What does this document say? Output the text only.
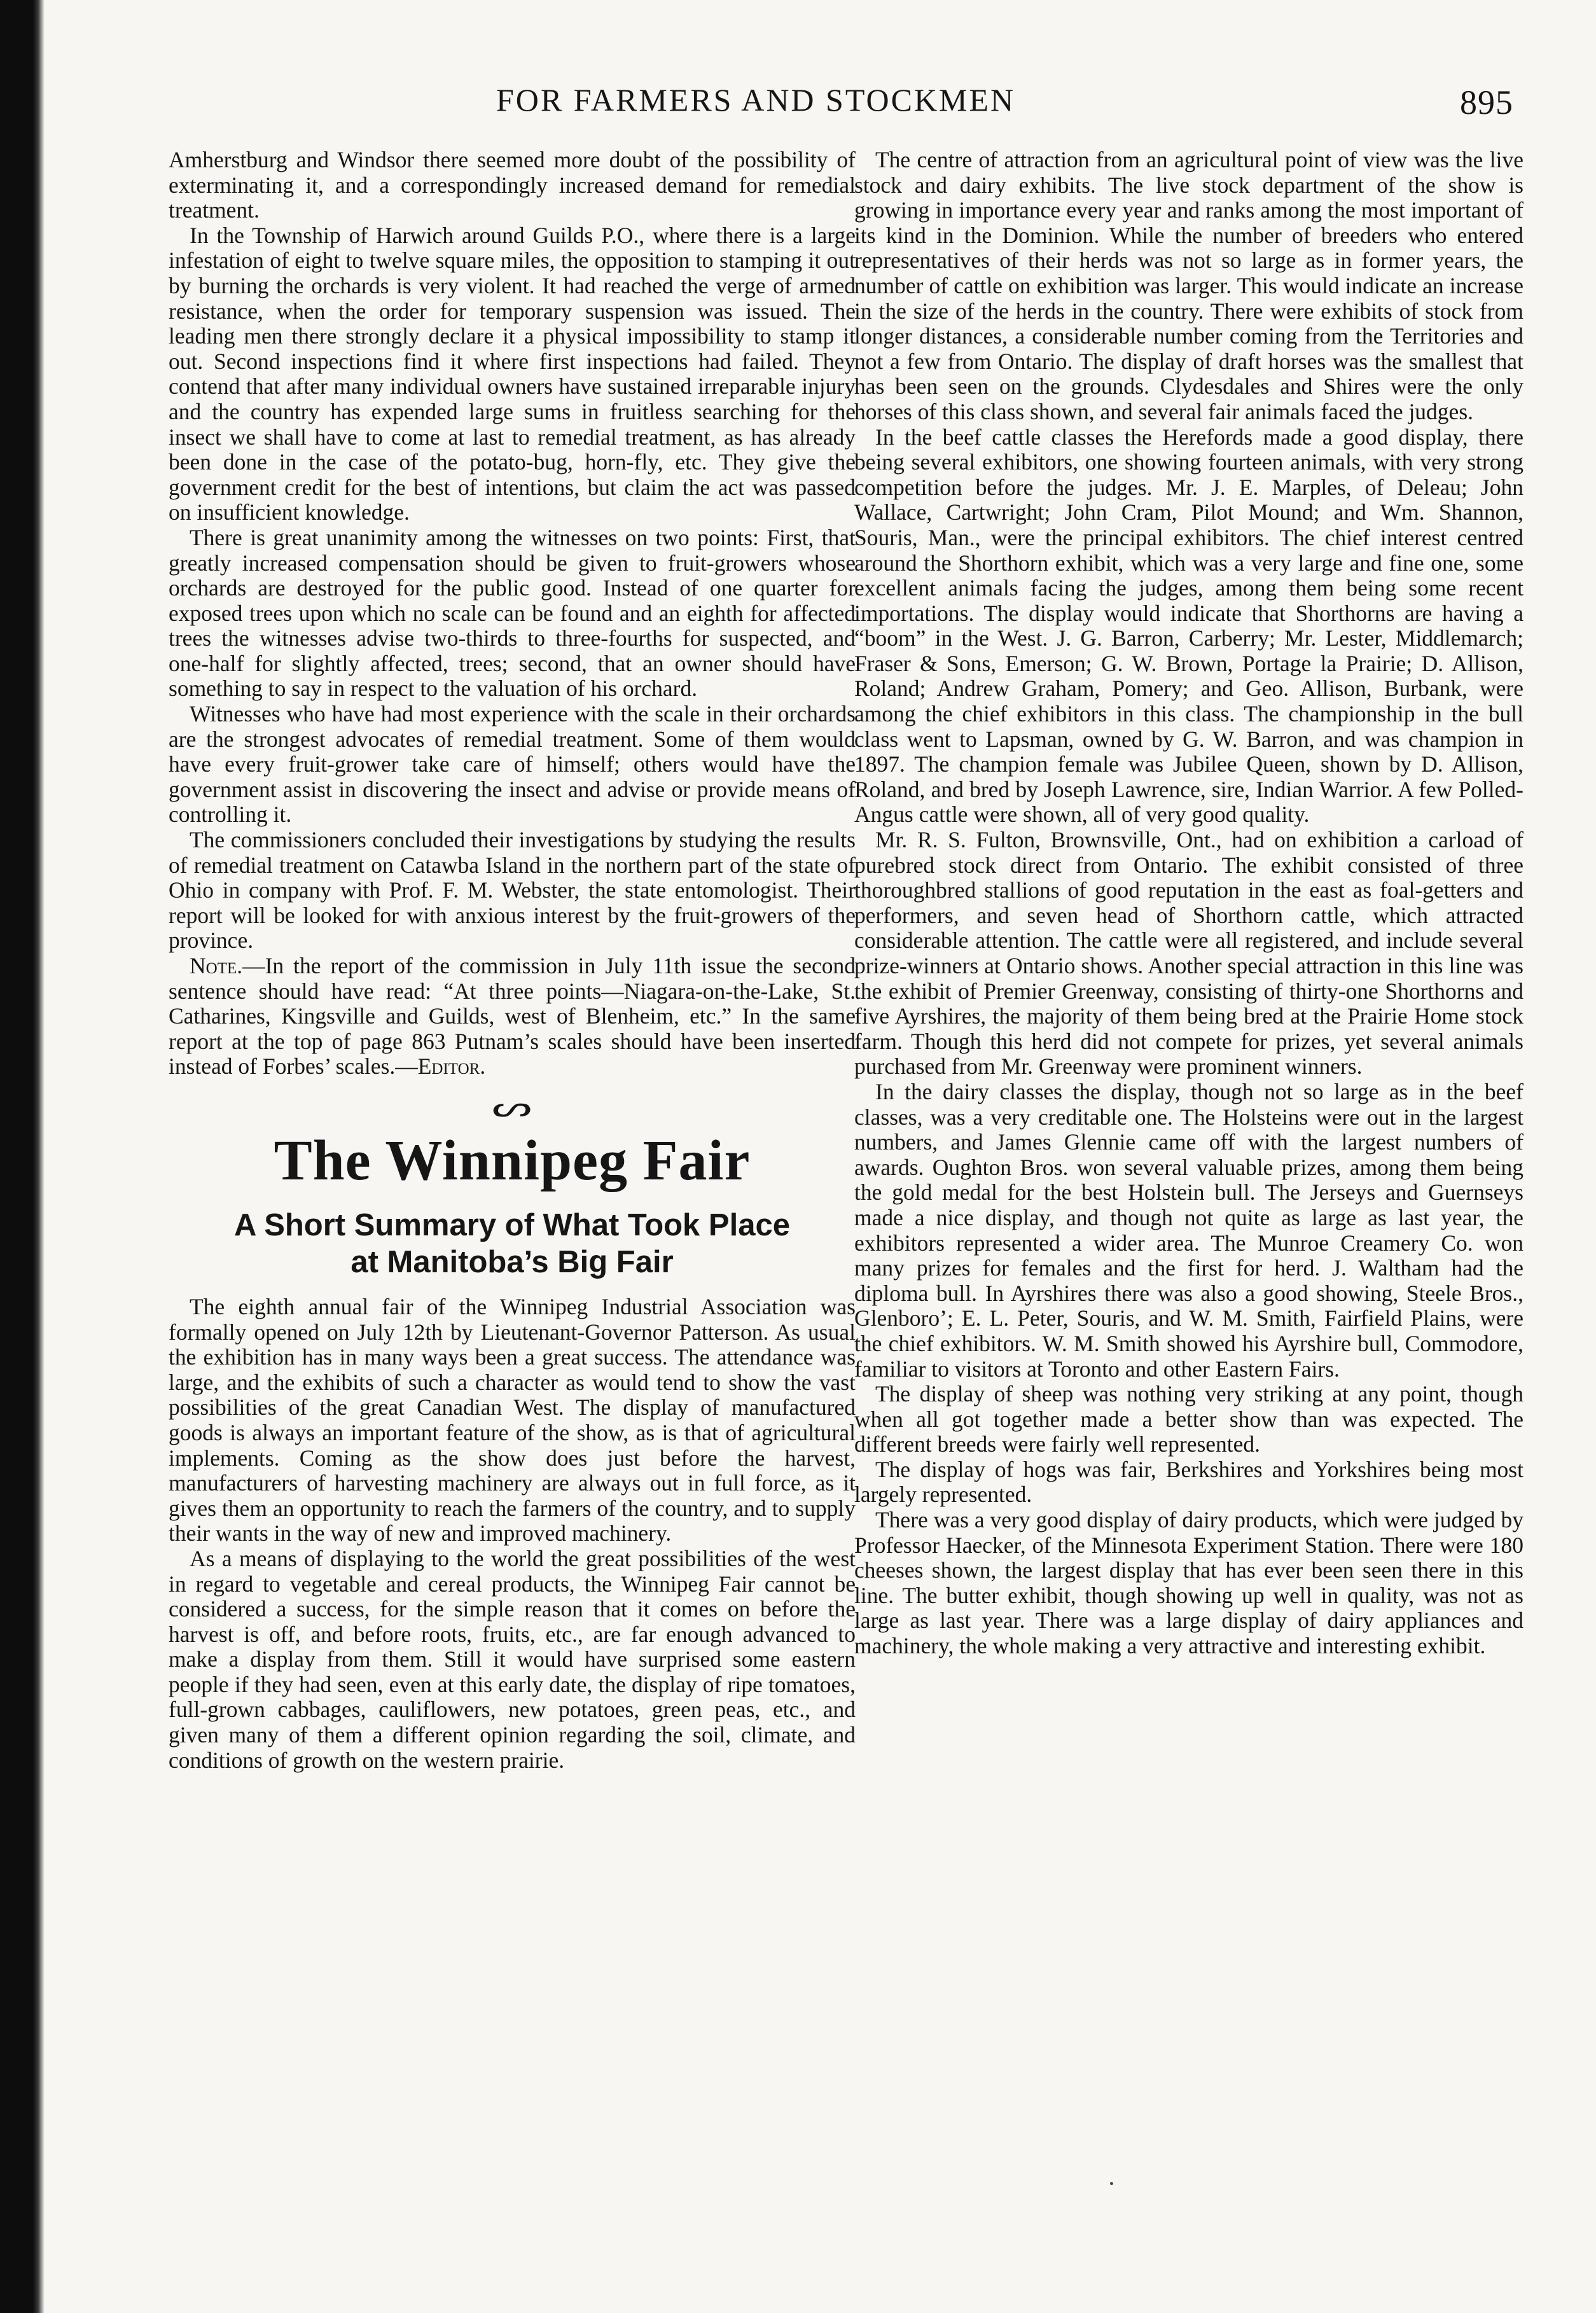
FOR FARMERS AND STOCKMEN	895

Amherstburg and Windsor there seemed more doubt of the possibility of exterminating it, and a correspondingly increased demand for remedial treatment.

In the Township of Harwich around Guilds P.O., where there is a large infestation of eight to twelve square miles, the opposition to stamping it out by burning the orchards is very violent. It had reached the verge of armed resistance, when the order for temporary suspension was issued. The leading men there strongly declare it a physical impossibility to stamp it out. Second inspections find it where first inspections had failed. They contend that after many individual owners have sustained irreparable injury and the country has expended large sums in fruitless searching for the insect we shall have to come at last to remedial treatment, as has already been done in the case of the potato-bug, horn-fly, etc. They give the government credit for the best of intentions, but claim the act was passed on insufficient knowledge.

There is great unanimity among the witnesses on two points: First, that greatly increased compensation should be given to fruit-growers whose orchards are destroyed for the public good. Instead of one quarter for exposed trees upon which no scale can be found and an eighth for affected trees the witnesses advise two-thirds to three-fourths for suspected, and one-half for slightly affected, trees; second, that an owner should have something to say in respect to the valuation of his orchard.

Witnesses who have had most experience with the scale in their orchards are the strongest advocates of remedial treatment. Some of them would have every fruit-grower take care of himself; others would have the government assist in discovering the insect and advise or provide means of controlling it.

The commissioners concluded their investigations by studying the results of remedial treatment on Catawba Island in the northern part of the state of Ohio in company with Prof. F. M. Webster, the state entomologist. Their report will be looked for with anxious interest by the fruit-growers of the province.

Note.—In the report of the commission in July 11th issue the second sentence should have read: “At three points—Niagara-on-the-Lake, St. Catharines, Kingsville and Guilds, west of Blenheim, etc.” In the same report at the top of page 863 Putnam’s scales should have been inserted instead of Forbes’ scales.—Editor.

ᔕ
The Winnipeg Fair
A Short Summary of What Took Place
at Manitoba’s Big Fair

The eighth annual fair of the Winnipeg Industrial Association was formally opened on July 12th by Lieutenant-Governor Patterson. As usual the exhibition has in many ways been a great success. The attendance was large, and the exhibits of such a character as would tend to show the vast possibilities of the great Canadian West. The display of manufactured goods is always an important feature of the show, as is that of agricultural implements. Coming as the show does just before the harvest, manufacturers of harvesting machinery are always out in full force, as it gives them an opportunity to reach the farmers of the country, and to supply their wants in the way of new and improved machinery.

As a means of displaying to the world the great possibilities of the west in regard to vegetable and cereal products, the Winnipeg Fair cannot be considered a success, for the simple reason that it comes on before the harvest is off, and before roots, fruits, etc., are far enough advanced to make a display from them. Still it would have surprised some eastern people if they had seen, even at this early date, the display of ripe tomatoes, full-grown cabbages, cauliflowers, new potatoes, green peas, etc., and given many of them a different opinion regarding the soil, climate, and conditions of growth on the western prairie.

The centre of attraction from an agricultural point of view was the live stock and dairy exhibits. The live stock department of the show is growing in importance every year and ranks among the most important of its kind in the Dominion. While the number of breeders who entered representatives of their herds was not so large as in former years, the number of cattle on exhibition was larger. This would indicate an increase in the size of the herds in the country. There were exhibits of stock from longer distances, a considerable number coming from the Territories and not a few from Ontario. The display of draft horses was the smallest that has been seen on the grounds. Clydesdales and Shires were the only horses of this class shown, and several fair animals faced the judges.

In the beef cattle classes the Herefords made a good display, there being several exhibitors, one showing fourteen animals, with very strong competition before the judges. Mr. J. E. Marples, of Deleau; John Wallace, Cartwright; John Cram, Pilot Mound; and Wm. Shannon, Souris, Man., were the principal exhibitors. The chief interest centred around the Shorthorn exhibit, which was a very large and fine one, some excellent animals facing the judges, among them being some recent importations. The display would indicate that Shorthorns are having a “boom” in the West. J. G. Barron, Carberry; Mr. Lester, Middlemarch; Fraser & Sons, Emerson; G. W. Brown, Portage la Prairie; D. Allison, Roland; Andrew Graham, Pomery; and Geo. Allison, Burbank, were among the chief exhibitors in this class. The championship in the bull class went to Lapsman, owned by G. W. Barron, and was champion in 1897. The champion female was Jubilee Queen, shown by D. Allison, Roland, and bred by Joseph Lawrence, sire, Indian Warrior. A few Polled-Angus cattle were shown, all of very good quality.

Mr. R. S. Fulton, Brownsville, Ont., had on exhibition a carload of purebred stock direct from Ontario. The exhibit consisted of three thoroughbred stallions of good reputation in the east as foal-getters and performers, and seven head of Shorthorn cattle, which attracted considerable attention. The cattle were all registered, and include several prize-winners at Ontario shows. Another special attraction in this line was the exhibit of Premier Greenway, consisting of thirty-one Shorthorns and five Ayrshires, the majority of them being bred at the Prairie Home stock farm. Though this herd did not compete for prizes, yet several animals purchased from Mr. Greenway were prominent winners.

In the dairy classes the display, though not so large as in the beef classes, was a very creditable one. The Holsteins were out in the largest numbers, and James Glennie came off with the largest numbers of awards. Oughton Bros. won several valuable prizes, among them being the gold medal for the best Holstein bull. The Jerseys and Guernseys made a nice display, and though not quite as large as last year, the exhibitors represented a wider area. The Munroe Creamery Co. won many prizes for females and the first for herd. J. Waltham had the diploma bull. In Ayrshires there was also a good showing, Steele Bros., Glenboro’; E. L. Peter, Souris, and W. M. Smith, Fairfield Plains, were the chief exhibitors. W. M. Smith showed his Ayrshire bull, Commodore, familiar to visitors at Toronto and other Eastern Fairs.

The display of sheep was nothing very striking at any point, though when all got together made a better show than was expected. The different breeds were fairly well represented.

The display of hogs was fair, Berkshires and Yorkshires being most largely represented.

There was a very good display of dairy products, which were judged by Professor Haecker, of the Minnesota Experiment Station. There were 180 cheeses shown, the largest display that has ever been seen there in this line. The butter exhibit, though showing up well in quality, was not as large as last year. There was a large display of dairy appliances and machinery, the whole making a very attractive and interesting exhibit.
